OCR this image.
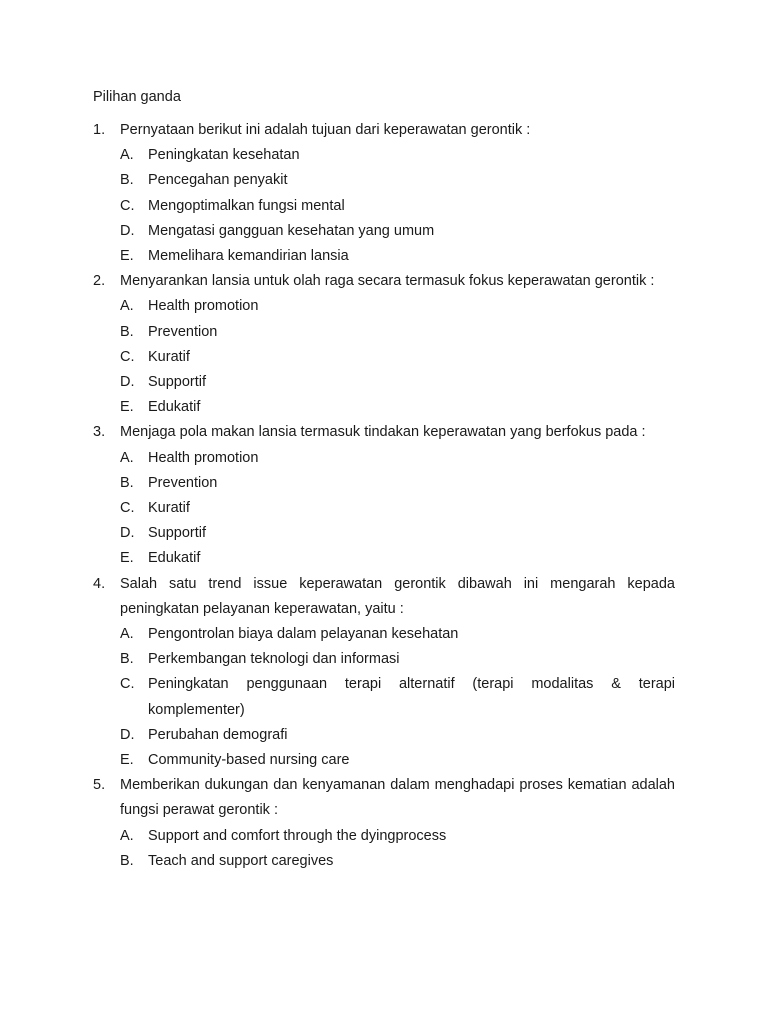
Pilihan ganda
1. Pernyataan berikut ini adalah tujuan dari keperawatan gerontik :

A. Peningkatan kesehatan
B. Pencegahan penyakit
C. Mengoptimalkan fungsi mental
D. Mengatasi gangguan kesehatan yang umum
E. Memelihara kemandirian lansia
2. Menyarankan lansia untuk olah raga secara termasuk fokus keperawatan gerontik :

A. Health promotion
B. Prevention
C. Kuratif
D. Supportif
E. Edukatif
3. Menjaga pola makan lansia termasuk tindakan keperawatan yang berfokus pada :

A. Health promotion
B. Prevention
C. Kuratif
D. Supportif
E. Edukatif
4. Salah satu trend issue keperawatan gerontik dibawah ini mengarah kepada peningkatan pelayanan keperawatan, yaitu :

A. Pengontrolan biaya dalam pelayanan kesehatan
B. Perkembangan teknologi dan informasi
C. Peningkatan penggunaan terapi alternatif (terapi modalitas & terapi komplementer)
D. Perubahan demografi
E. Community-based nursing care
5. Memberikan dukungan dan kenyamanan dalam menghadapi proses kematian adalah fungsi perawat gerontik :

A. Support and comfort through the dyingprocess
B. Teach and support caregives
